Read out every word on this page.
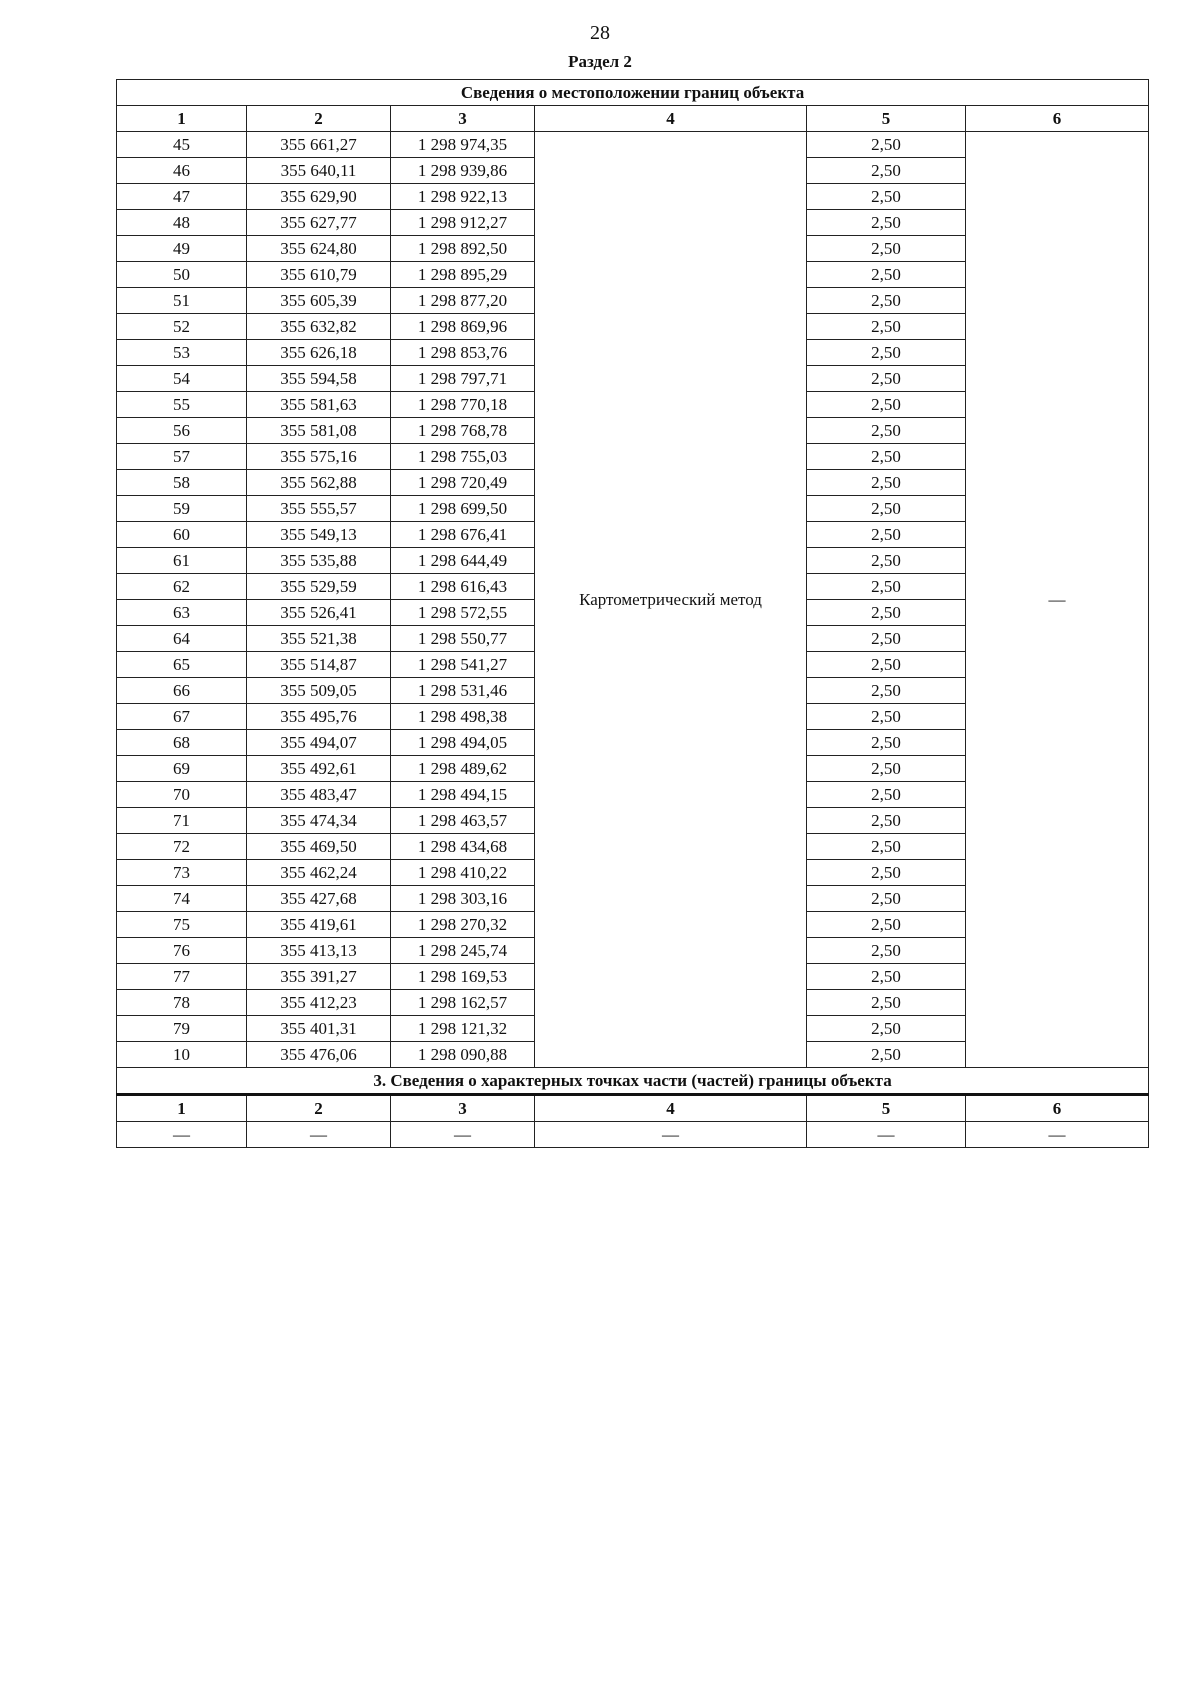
28
Раздел 2
Сведения о местоположении границ объекта					
1	2	3	4	5	6
45	355 661,27	1 298 974,35	Картометрический метод	2,50	—
46	355 640,11	1 298 939,86		2,50	
47	355 629,90	1 298 922,13		2,50	
48	355 627,77	1 298 912,27		2,50	
49	355 624,80	1 298 892,50		2,50	
50	355 610,79	1 298 895,29		2,50	
51	355 605,39	1 298 877,20		2,50	
52	355 632,82	1 298 869,96		2,50	
53	355 626,18	1 298 853,76		2,50	
54	355 594,58	1 298 797,71		2,50	
55	355 581,63	1 298 770,18		2,50	
56	355 581,08	1 298 768,78		2,50	
57	355 575,16	1 298 755,03		2,50	
58	355 562,88	1 298 720,49		2,50	
59	355 555,57	1 298 699,50		2,50	
60	355 549,13	1 298 676,41		2,50	
61	355 535,88	1 298 644,49		2,50	
62	355 529,59	1 298 616,43		2,50	
63	355 526,41	1 298 572,55		2,50	
64	355 521,38	1 298 550,77		2,50	
65	355 514,87	1 298 541,27		2,50	
66	355 509,05	1 298 531,46		2,50	
67	355 495,76	1 298 498,38		2,50	
68	355 494,07	1 298 494,05		2,50	
69	355 492,61	1 298 489,62		2,50	
70	355 483,47	1 298 494,15		2,50	
71	355 474,34	1 298 463,57		2,50	
72	355 469,50	1 298 434,68		2,50	
73	355 462,24	1 298 410,22		2,50	
74	355 427,68	1 298 303,16		2,50	
75	355 419,61	1 298 270,32		2,50	
76	355 413,13	1 298 245,74		2,50	
77	355 391,27	1 298 169,53		2,50	
78	355 412,23	1 298 162,57		2,50	
79	355 401,31	1 298 121,32		2,50	
10	355 476,06	1 298 090,88		2,50	
3. Сведения о характерных точках части (частей) границы объекта					
1	2	3	4	5	6
—	—	—	—	—	—
